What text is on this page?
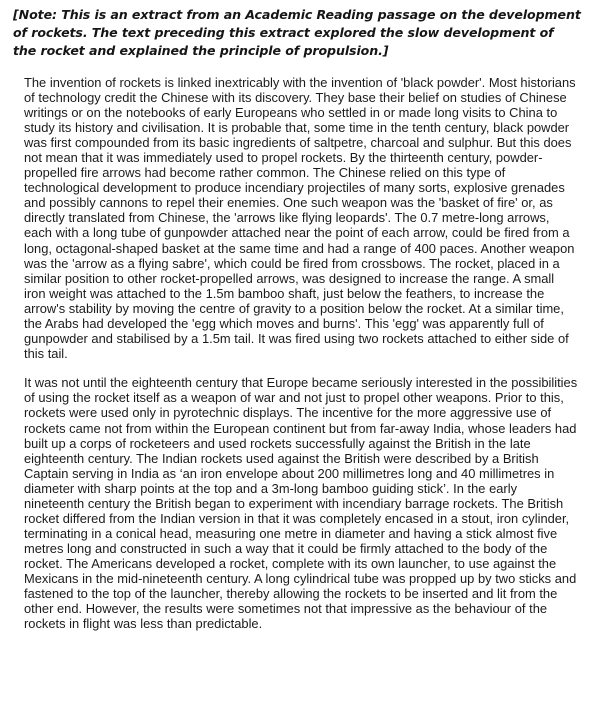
[Note: This is an extract from an Academic Reading passage on the development of rockets. The text preceding this extract explored the slow development of the rocket and explained the principle of propulsion.]

The invention of rockets is linked inextricably with the invention of 'black powder'. Most historians of technology credit the Chinese with its discovery. They base their belief on studies of Chinese writings or on the notebooks of early Europeans who settled in or made long visits to China to study its history and civilisation. It is probable that, some time in the tenth century, black powder was first compounded from its basic ingredients of saltpetre, charcoal and sulphur. But this does not mean that it was immediately used to propel rockets. By the thirteenth century, powder-propelled fire arrows had become rather common. The Chinese relied on this type of technological development to produce incendiary projectiles of many sorts, explosive grenades and possibly cannons to repel their enemies. One such weapon was the 'basket of fire' or, as directly translated from Chinese, the 'arrows like flying leopards'. The 0.7 metre-long arrows, each with a long tube of gunpowder attached near the point of each arrow, could be fired from a long, octagonal-shaped basket at the same time and had a range of 400 paces. Another weapon was the 'arrow as a flying sabre', which could be fired from crossbows. The rocket, placed in a similar position to other rocket-propelled arrows, was designed to increase the range. A small iron weight was attached to the 1.5m bamboo shaft, just below the feathers, to increase the arrow's stability by moving the centre of gravity to a position below the rocket. At a similar time, the Arabs had developed the 'egg which moves and burns'. This 'egg' was apparently full of gunpowder and stabilised by a 1.5m tail. It was fired using two rockets attached to either side of this tail.

It was not until the eighteenth century that Europe became seriously interested in the possibilities of using the rocket itself as a weapon of war and not just to propel other weapons. Prior to this, rockets were used only in pyrotechnic displays. The incentive for the more aggressive use of rockets came not from within the European continent but from far-away India, whose leaders had built up a corps of rocketeers and used rockets successfully against the British in the late eighteenth century. The Indian rockets used against the British were described by a British Captain serving in India as ‘an iron envelope about 200 millimetres long and 40 millimetres in diameter with sharp points at the top and a 3m-long bamboo guiding stick’. In the early nineteenth century the British began to experiment with incendiary barrage rockets. The British rocket differed from the Indian version in that it was completely encased in a stout, iron cylinder, terminating in a conical head, measuring one metre in diameter and having a stick almost five metres long and constructed in such a way that it could be firmly attached to the body of the rocket. The Americans developed a rocket, complete with its own launcher, to use against the Mexicans in the mid-nineteenth century. A long cylindrical tube was propped up by two sticks and fastened to the top of the launcher, thereby allowing the rockets to be inserted and lit from the other end. However, the results were sometimes not that impressive as the behaviour of the rockets in flight was less than predictable.
